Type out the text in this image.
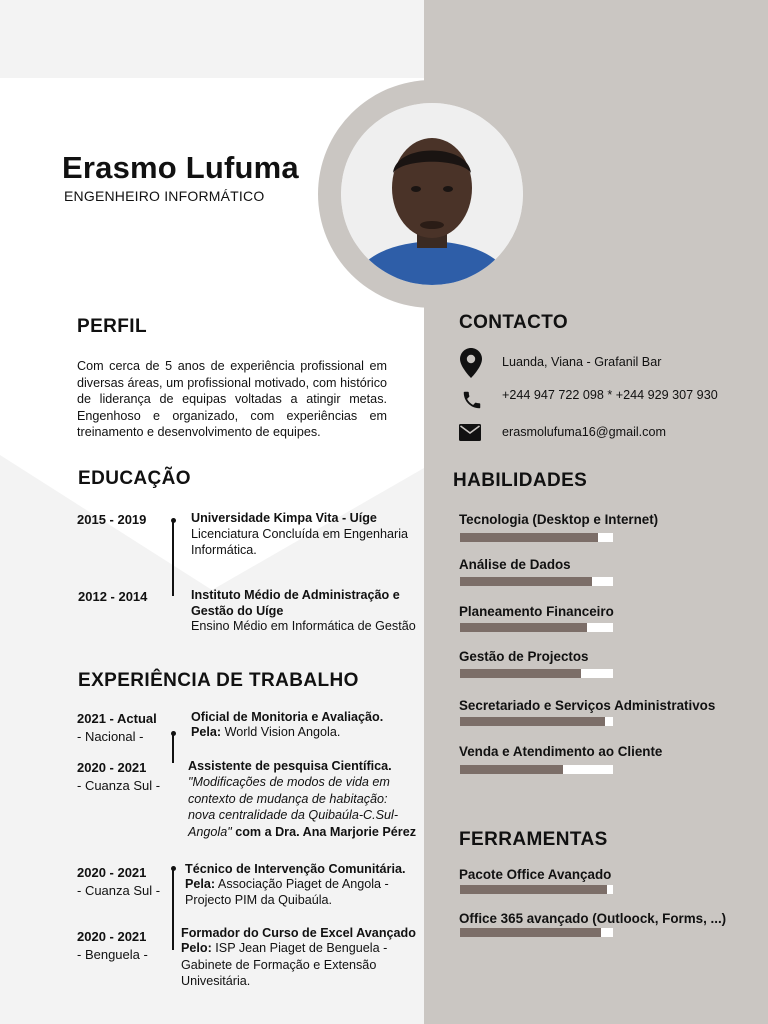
Erasmo Lufuma
ENGENHEIRO INFORMÁTICO
PERFIL
Com cerca de 5 anos de experiência profissional em diversas áreas, um profissional motivado, com histórico de liderança de equipas voltadas a atingir metas. Engenhoso e organizado, com experiências em treinamento e desenvolvimento de equipes.
EDUCAÇÃO
2015 - 2019	Universidade Kimpa Vita - Uíge
Licenciatura Concluída em Engenharia
Informática.
2012 - 2014	Instituto Médio de Administração e
Gestão do Uíge
Ensino Médio em Informática de Gestão
EXPERIÊNCIA DE TRABALHO
2021 - Actual
- Nacional -
Oficial de Monitoria e Avaliação.
Pela: World Vision Angola.
2020 - 2021
- Cuanza Sul -
Assistente de pesquisa Científica.
"Modificações de modos de vida em
contexto de mudança de habitação:
nova centralidade da Quibaúla-C.Sul-
Angola" com a Dra. Ana Marjorie Pérez
2020 - 2021
- Cuanza Sul -
Técnico de Intervenção Comunitária.
Pela: Associação Piaget de Angola -
Projecto PIM da Quibaúla.
2020 - 2021
- Benguela -
Formador do Curso de Excel Avançado
Pelo: ISP Jean Piaget de Benguela -
Gabinete de Formação e Extensão
Univesitária.
CONTACTO
Luanda, Viana - Grafanil Bar
+244 947 722 098 * +244 929 307 930
erasmolufuma16@gmail.com
HABILIDADES
Tecnologia (Desktop e Internet)
Análise de Dados
Planeamento Financeiro
Gestão de Projectos
Secretariado e Serviços Administrativos
Venda e Atendimento ao Cliente
FERRAMENTAS
Pacote Office Avançado
Office 365 avançado (Outloock, Forms, ...)
